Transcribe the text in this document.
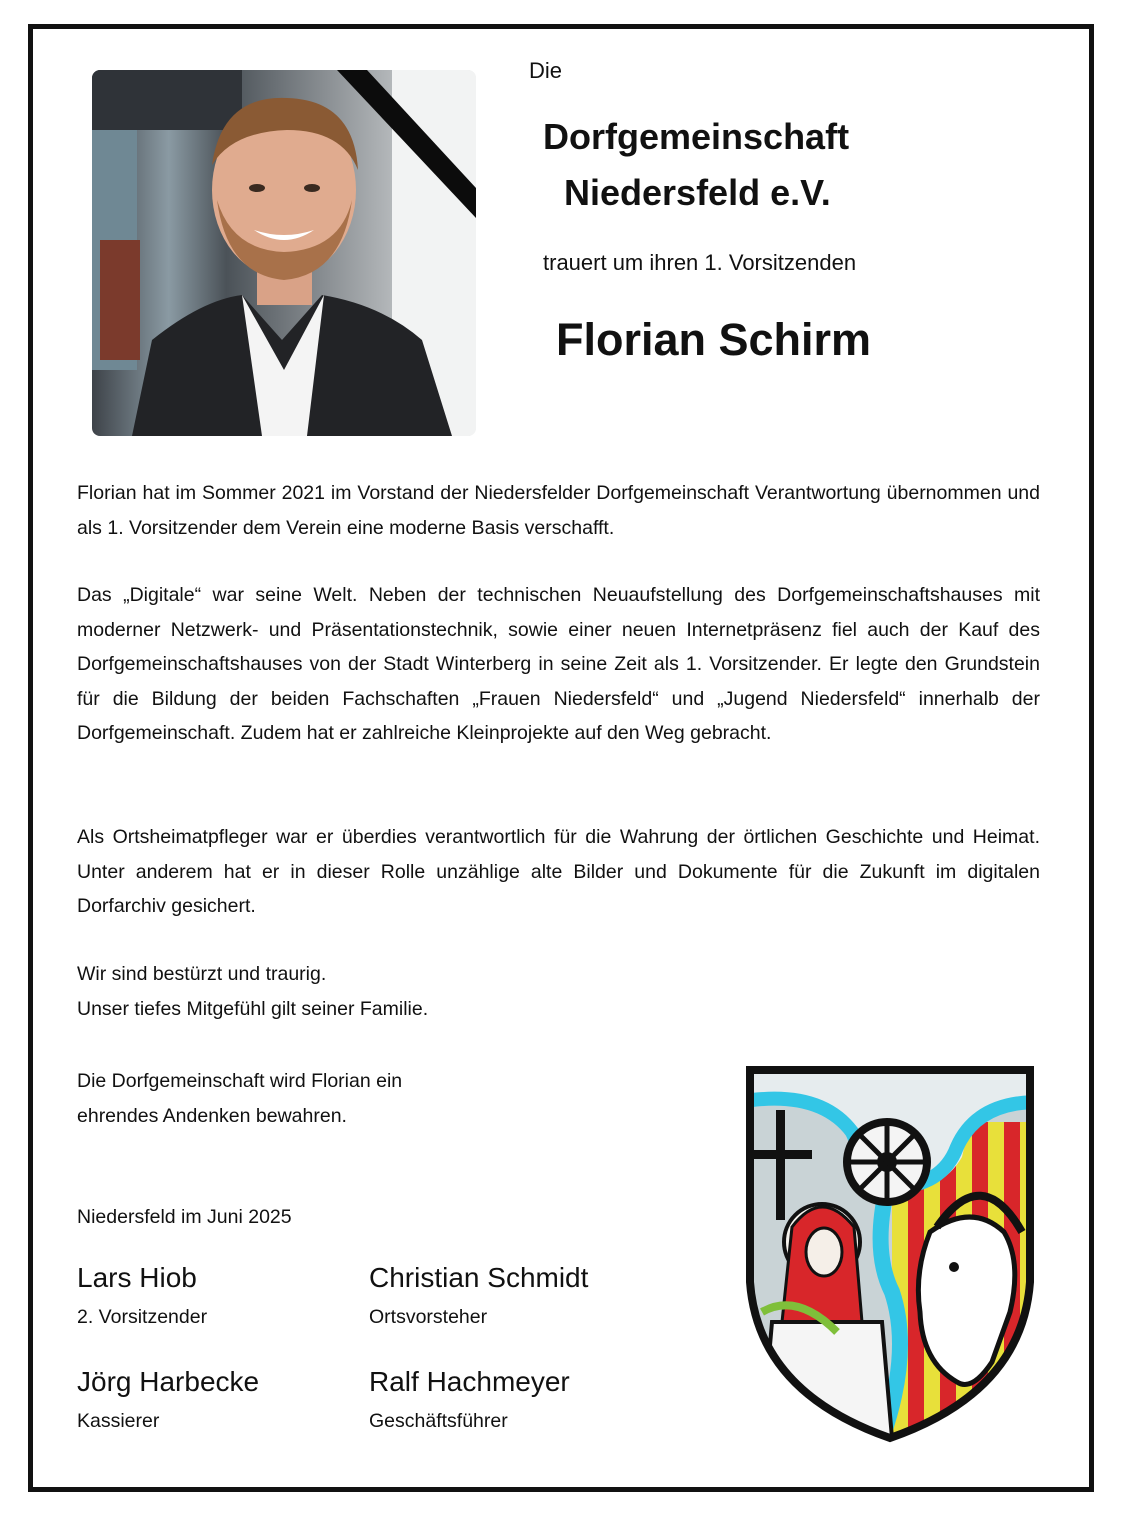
Die
Dorfgemeinschaft
Niedersfeld e.V.
trauert um ihren 1. Vorsitzenden
Florian Schirm

Florian hat im Sommer 2021 im Vorstand der Niedersfelder Dorfgemeinschaft Verantwortung übernommen und als 1. Vorsitzender dem Verein eine moderne Basis verschafft.

Das „Digitale“ war seine Welt. Neben der technischen Neuaufstellung des Dorfgemeinschaftshauses mit moderner Netzwerk- und Präsentationstechnik, sowie einer neuen Internetpräsenz fiel auch der Kauf des Dorfgemeinschaftshauses von der Stadt Winterberg in seine Zeit als 1. Vorsitzender. Er legte den Grundstein für die Bildung der beiden Fachschaften „Frauen Niedersfeld“ und „Jugend Niedersfeld“ innerhalb der Dorfgemeinschaft. Zudem hat er zahlreiche Kleinprojekte auf den Weg gebracht.

Als Ortsheimatpfleger war er überdies verantwortlich für die Wahrung der örtlichen Geschichte und Heimat. Unter anderem hat er in dieser Rolle unzählige alte Bilder und Dokumente für die Zukunft im digitalen Dorfarchiv gesichert.

Wir sind bestürzt und traurig.
Unser tiefes Mitgefühl gilt seiner Familie.
Die Dorfgemeinschaft wird Florian ein
ehrendes Andenken bewahren.
Niedersfeld im Juni 2025
Lars Hiob
2. Vorsitzender
Christian Schmidt
Ortsvorsteher
Jörg Harbecke
Kassierer
Ralf Hachmeyer
Geschäftsführer
